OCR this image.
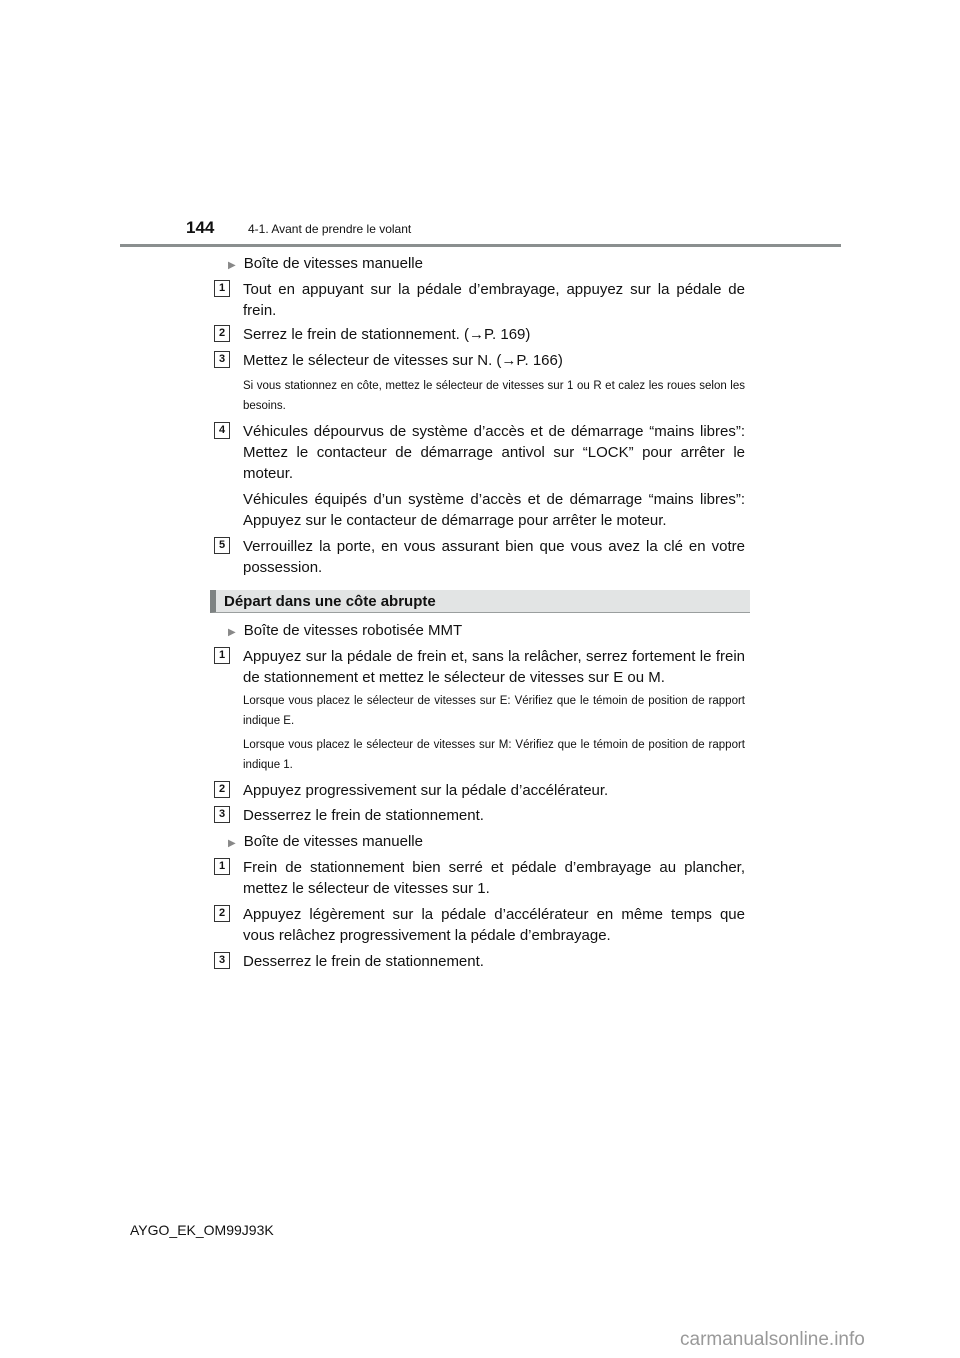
144	4-1. Avant de prendre le volant
▶ Boîte de vitesses manuelle
1	Tout en appuyant sur la pédale d’embrayage, appuyez sur la pédale de frein.
2	Serrez le frein de stationnement. (→P. 169)
3	Mettez le sélecteur de vitesses sur N. (→P. 166)
Si vous stationnez en côte, mettez le sélecteur de vitesses sur 1 ou R et calez les roues selon les besoins.
4	Véhicules dépourvus de système d’accès et de démarrage “mains libres”: Mettez le contacteur de démarrage antivol sur “LOCK” pour arrêter le moteur.
Véhicules équipés d’un système d’accès et de démarrage “mains libres”: Appuyez sur le contacteur de démarrage pour arrêter le moteur.
5	Verrouillez la porte, en vous assurant bien que vous avez la clé en votre possession.
Départ dans une côte abrupte
▶ Boîte de vitesses robotisée MMT
1	Appuyez sur la pédale de frein et, sans la relâcher, serrez fortement le frein de stationnement et mettez le sélecteur de vitesses sur E ou M.
Lorsque vous placez le sélecteur de vitesses sur E: Vérifiez que le témoin de position de rapport indique E.
Lorsque vous placez le sélecteur de vitesses sur M: Vérifiez que le témoin de position de rapport indique 1.
2	Appuyez progressivement sur la pédale d’accélérateur.
3	Desserrez le frein de stationnement.
▶ Boîte de vitesses manuelle
1	Frein de stationnement bien serré et pédale d’embrayage au plancher, mettez le sélecteur de vitesses sur 1.
2	Appuyez légèrement sur la pédale d’accélérateur en même temps que vous relâchez progressivement la pédale d’embrayage.
3	Desserrez le frein de stationnement.
AYGO_EK_OM99J93K
carmanualsonline.info
